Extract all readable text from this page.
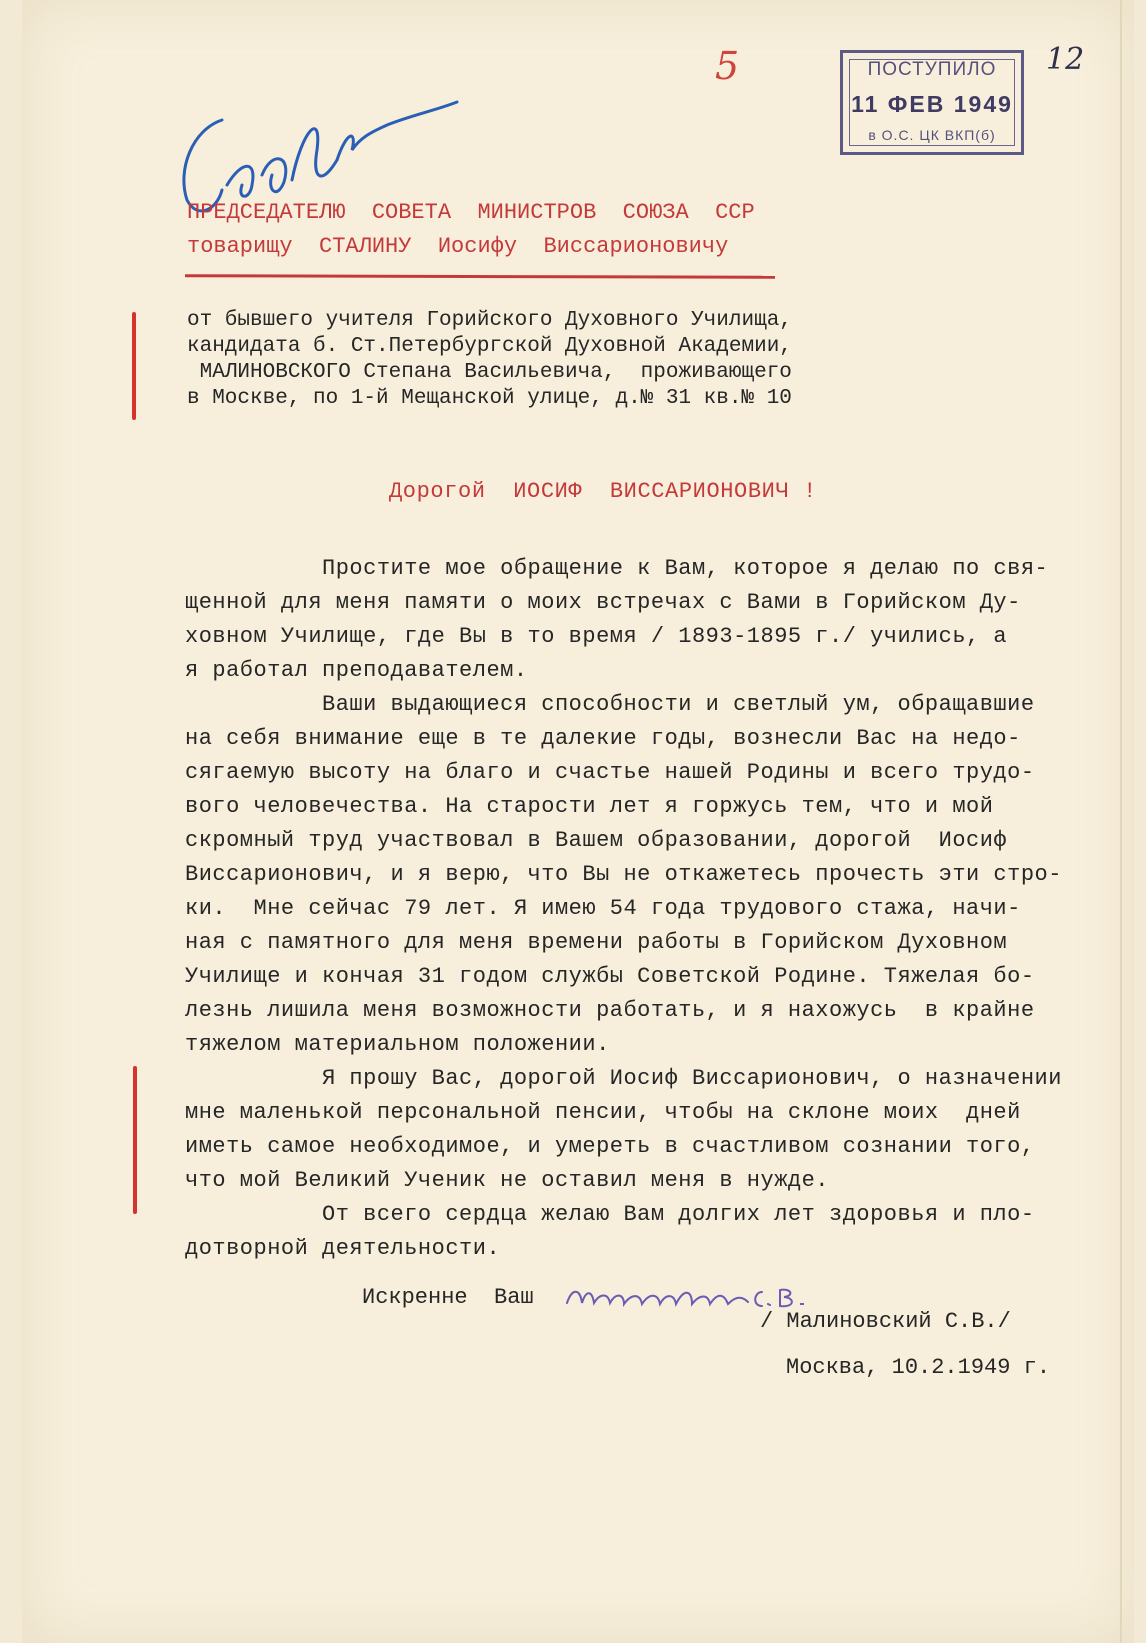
5	ПОСТУПИЛО
11 ФЕВ 1949
в О.С. ЦК ВКП(б)
12
ПРЕДСЕДАТЕЛЮ  СОВЕТА  МИНИСТРОВ  СОЮЗА  ССР
товарищу  СТАЛИНУ  Иосифу  Виссарионовичу
от бывшего учителя Горийского Духовного Училища,
кандидата б. Ст.Петербургской Духовной Академии,
МАЛИНОВСКОГО Степана Васильевича,  проживающего
в Москве, по 1-й Мещанской улице, д.№ 31 кв.№ 10
Дорогой  ИОСИФ  ВИССАРИОНОВИЧ !
Простите мое обращение к Вам, которое я делаю по свя-
щенной для меня памяти о моих встречах с Вами в Горийском Ду-
ховном Училище, где Вы в то время / 1893-1895 г./ учились, а
я работал преподавателем.
Ваши выдающиеся способности и светлый ум, обращавшие
на себя внимание еще в те далекие годы, вознесли Вас на недо-
сягаемую высоту на благо и счастье нашей Родины и всего трудо-
вого человечества. На старости лет я горжусь тем, что и мой
скромный труд участвовал в Вашем образовании, дорогой  Иосиф
Виссарионович, и я верю, что Вы не откажетесь прочесть эти стро-
ки.  Мне сейчас 79 лет. Я имею 54 года трудового стажа, начи-
ная с памятного для меня времени работы в Горийском Духовном
Училище и кончая 31 годом службы Советской Родине. Тяжелая бо-
лезнь лишила меня возможности работать, и я нахожусь  в крайне
тяжелом материальном положении.
Я прошу Вас, дорогой Иосиф Виссарионович, о назначении
мне маленькой персональной пенсии, чтобы на склоне моих  дней
иметь самое необходимое, и умереть в счастливом сознании того,
что мой Великий Ученик не оставил меня в нужде.
От всего сердца желаю Вам долгих лет здоровья и пло-
дотворной деятельности.
Искренне  Ваш
/ Малиновский С.В./
Москва, 10.2.1949 г.
